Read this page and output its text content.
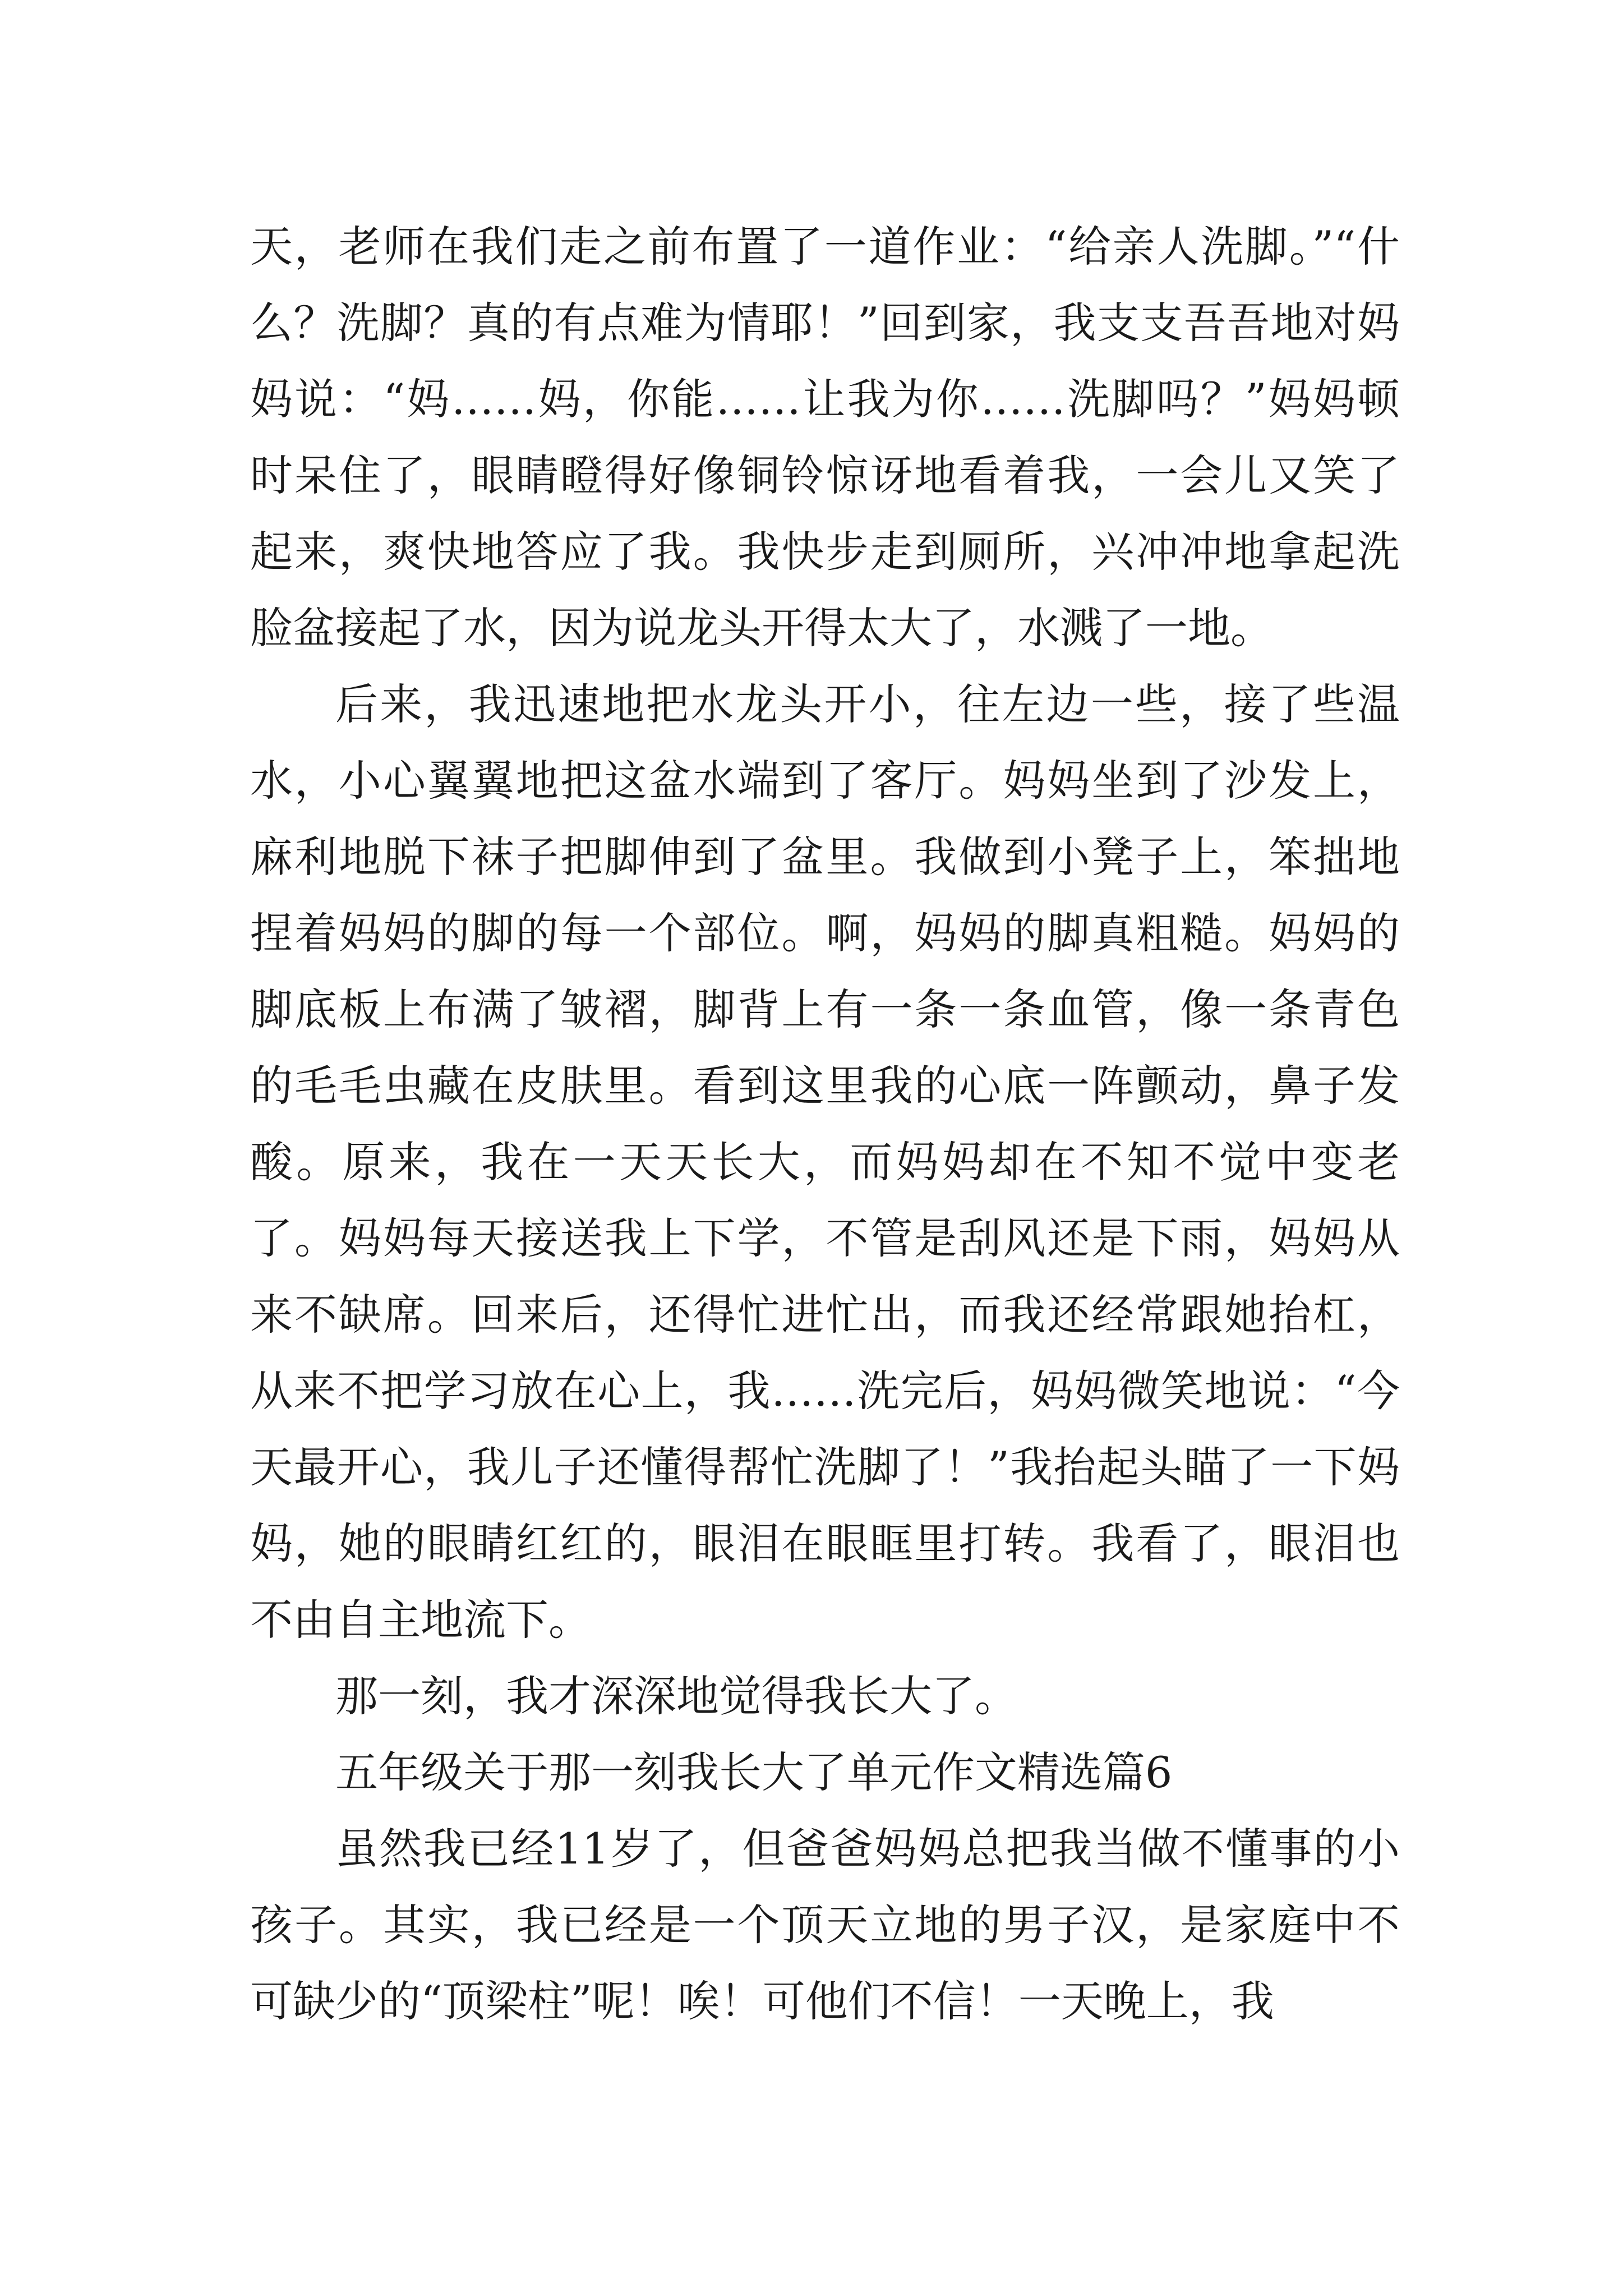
天，老师在我们走之前布置了一道作业：“给亲人洗脚。”“什么？洗脚？真的有点难为情耶！”回到家，我支支吾吾地对妈妈说：“妈……妈，你能……让我为你……洗脚吗？”妈妈顿时呆住了，眼睛瞪得好像铜铃惊讶地看着我，一会儿又笑了起来，爽快地答应了我。我快步走到厕所，兴冲冲地拿起洗脸盆接起了水，因为说龙头开得太大了，水溅了一地。

后来，我迅速地把水龙头开小，往左边一些，接了些温水，小心翼翼地把这盆水端到了客厅。妈妈坐到了沙发上，麻利地脱下袜子把脚伸到了盆里。我做到小凳子上，笨拙地捏着妈妈的脚的每一个部位。啊，妈妈的脚真粗糙。妈妈的脚底板上布满了皱褶，脚背上有一条一条血管，像一条青色的毛毛虫藏在皮肤里。看到这里我的心底一阵颤动，鼻子发酸。原来，我在一天天长大，而妈妈却在不知不觉中变老了。妈妈每天接送我上下学，不管是刮风还是下雨，妈妈从来不缺席。回来后，还得忙进忙出，而我还经常跟她抬杠，从来不把学习放在心上，我……洗完后，妈妈微笑地说：“今天最开心，我儿子还懂得帮忙洗脚了！”我抬起头瞄了一下妈妈，她的眼睛红红的，眼泪在眼眶里打转。我看了，眼泪也不由自主地流下。

那一刻，我才深深地觉得我长大了。

五年级关于那一刻我长大了单元作文精选篇6

虽然我已经11岁了，但爸爸妈妈总把我当做不懂事的小孩子。其实，我已经是一个顶天立地的男子汉，是家庭中不可缺少的“顶梁柱”呢！唉！可他们不信！一天晚上，我
